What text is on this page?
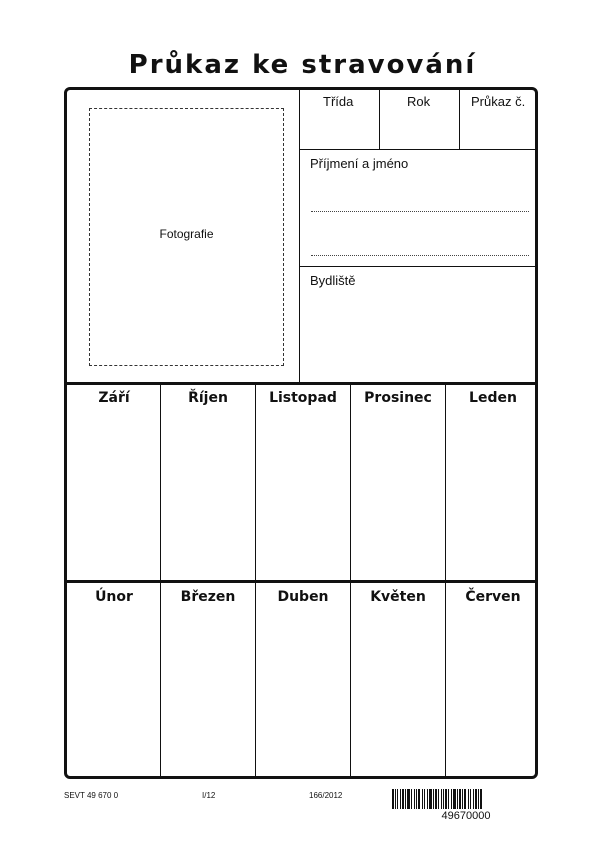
Průkaz ke stravování
Fotografie
Třída	Rok	Průkaz č.
Příjmení a jméno
Bydliště
Září	Říjen	Listopad	Prosinec	Leden
Únor	Březen	Duben	Květen	Červen
SEVT 49 670 0	I/12	166/2012
49670000
